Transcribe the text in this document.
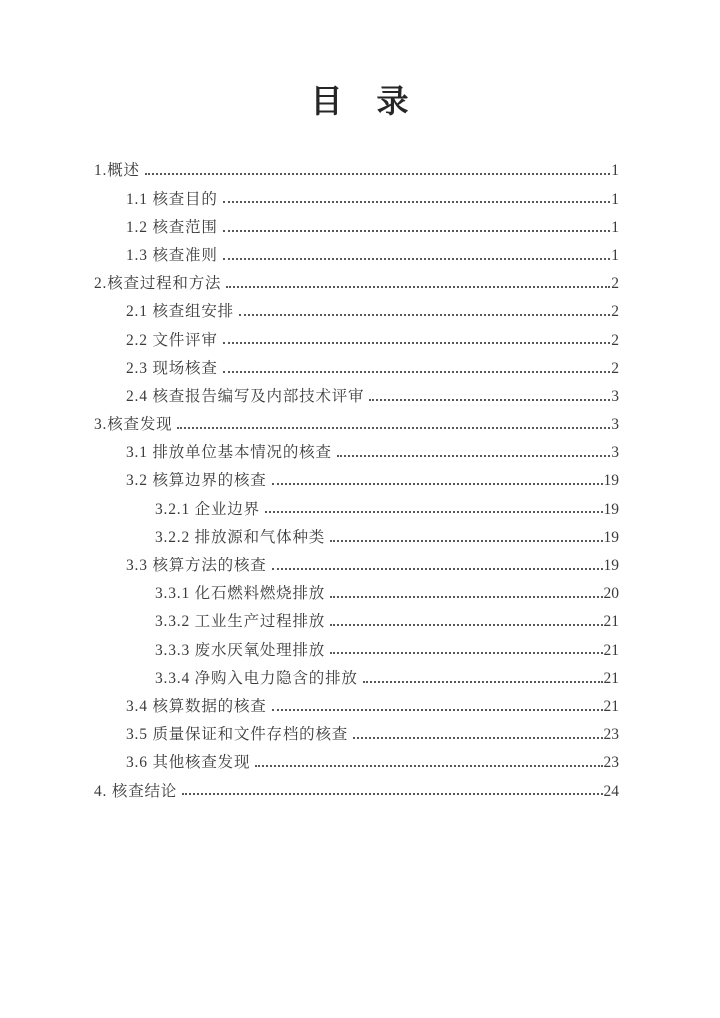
目　录
1.概述	1
1.1 核查目的	1
1.2 核查范围	1
1.3 核查准则	1
2.核查过程和方法	2
2.1 核查组安排	2
2.2 文件评审	2
2.3 现场核查	2
2.4 核查报告编写及内部技术评审	3
3.核查发现	3
3.1 排放单位基本情况的核查	3
3.2 核算边界的核查	19
3.2.1 企业边界	19
3.2.2 排放源和气体种类	19
3.3 核算方法的核查	19
3.3.1 化石燃料燃烧排放	20
3.3.2 工业生产过程排放	21
3.3.3 废水厌氧处理排放	21
3.3.4 净购入电力隐含的排放	21
3.4 核算数据的核查	21
3.5 质量保证和文件存档的核查	23
3.6 其他核查发现	23
4. 核查结论	24
